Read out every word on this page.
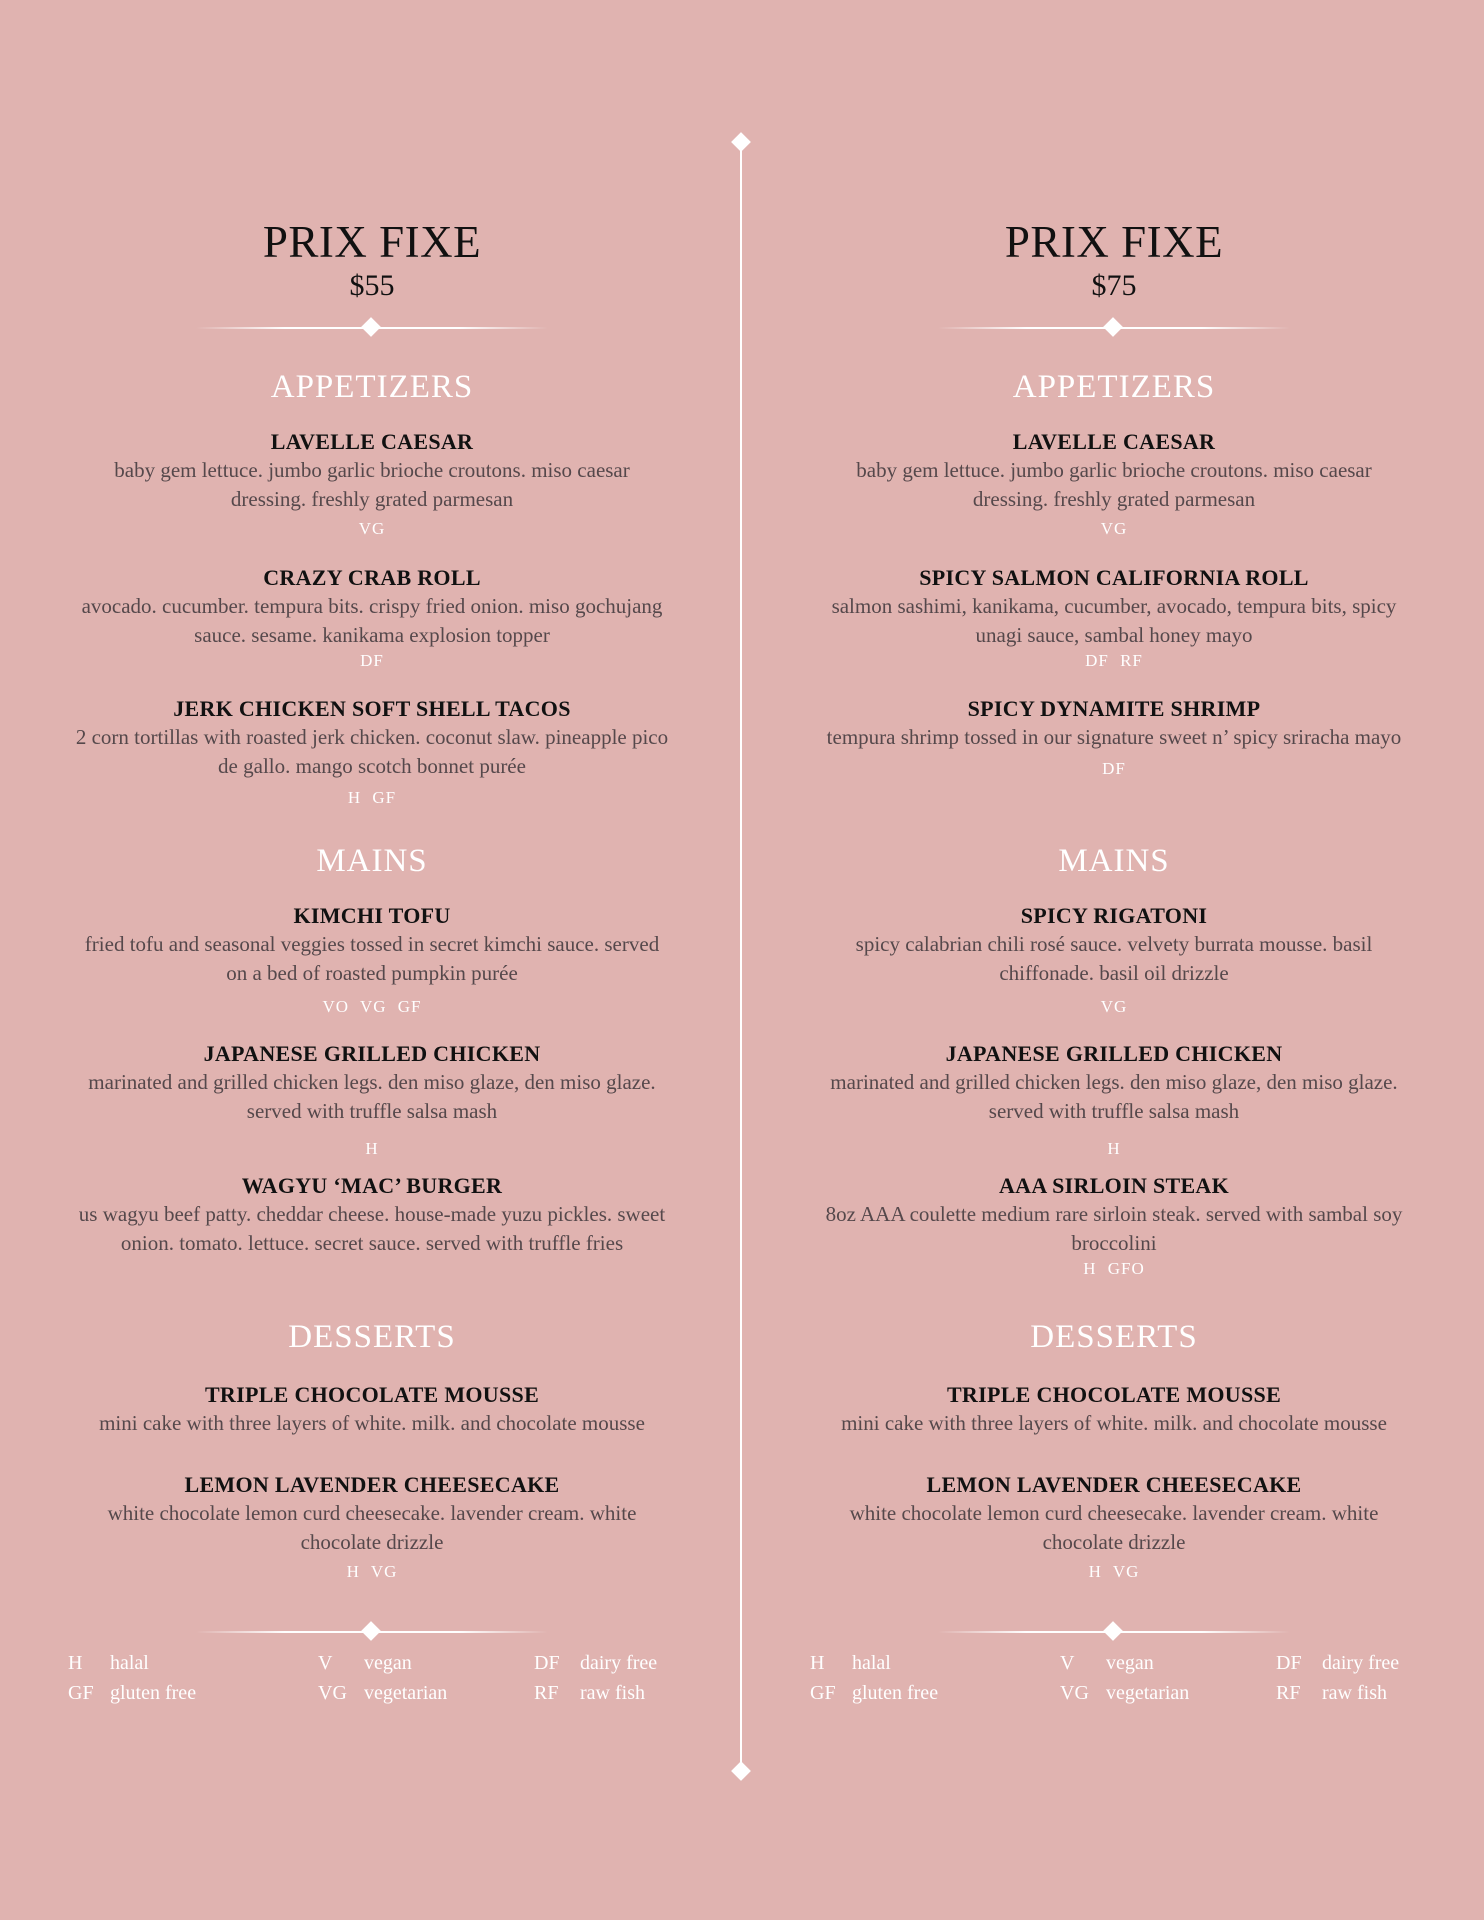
PRIX FIXE
$55
APPETIZERS
MAINS
DESSERTS
LAVELLE CAESAR
baby gem lettuce. jumbo garlic brioche croutons. miso caesar dressing. freshly grated parmesan
VG
CRAZY CRAB ROLL
avocado. cucumber. tempura bits. crispy fried onion. miso gochujang sauce. sesame. kanikama explosion topper
DF
JERK CHICKEN SOFT SHELL TACOS
2 corn tortillas with roasted jerk chicken. coconut slaw. pineapple pico de gallo. mango scotch bonnet purée
H GF
KIMCHI TOFU
fried tofu and seasonal veggies tossed in secret kimchi sauce. served on a bed of roasted pumpkin purée
VO VG GF
JAPANESE GRILLED CHICKEN
marinated and grilled chicken legs. den miso glaze, den miso glaze. served with truffle salsa mash
H
WAGYU ‘MAC’ BURGER
us wagyu beef patty. cheddar cheese. house-made yuzu pickles. sweet onion. tomato. lettuce. secret sauce. served with truffle fries
TRIPLE CHOCOLATE MOUSSE
mini cake with three layers of white. milk. and chocolate mousse
LEMON LAVENDER CHEESECAKE
white chocolate lemon curd cheesecake. lavender cream. white chocolate drizzle
H VG
H halal	V vegan	DF dairy free
GF gluten free	VG vegetarian	RF raw fish
PRIX FIXE
$75
APPETIZERS
MAINS
DESSERTS
LAVELLE CAESAR
baby gem lettuce. jumbo garlic brioche croutons. miso caesar dressing. freshly grated parmesan
VG
SPICY SALMON CALIFORNIA ROLL
salmon sashimi, kanikama, cucumber, avocado, tempura bits, spicy unagi sauce, sambal honey mayo
DF RF
SPICY DYNAMITE SHRIMP
tempura shrimp tossed in our signature sweet n’ spicy sriracha mayo
DF
SPICY RIGATONI
spicy calabrian chili rosé sauce. velvety burrata mousse. basil chiffonade. basil oil drizzle
VG
JAPANESE GRILLED CHICKEN
marinated and grilled chicken legs. den miso glaze, den miso glaze. served with truffle salsa mash
H
AAA SIRLOIN STEAK
8oz AAA coulette medium rare sirloin steak. served with sambal soy broccolini
H GFO
TRIPLE CHOCOLATE MOUSSE
mini cake with three layers of white. milk. and chocolate mousse
LEMON LAVENDER CHEESECAKE
white chocolate lemon curd cheesecake. lavender cream. white chocolate drizzle
H VG
H halal	V vegan	DF dairy free
GF gluten free	VG vegetarian	RF raw fish
